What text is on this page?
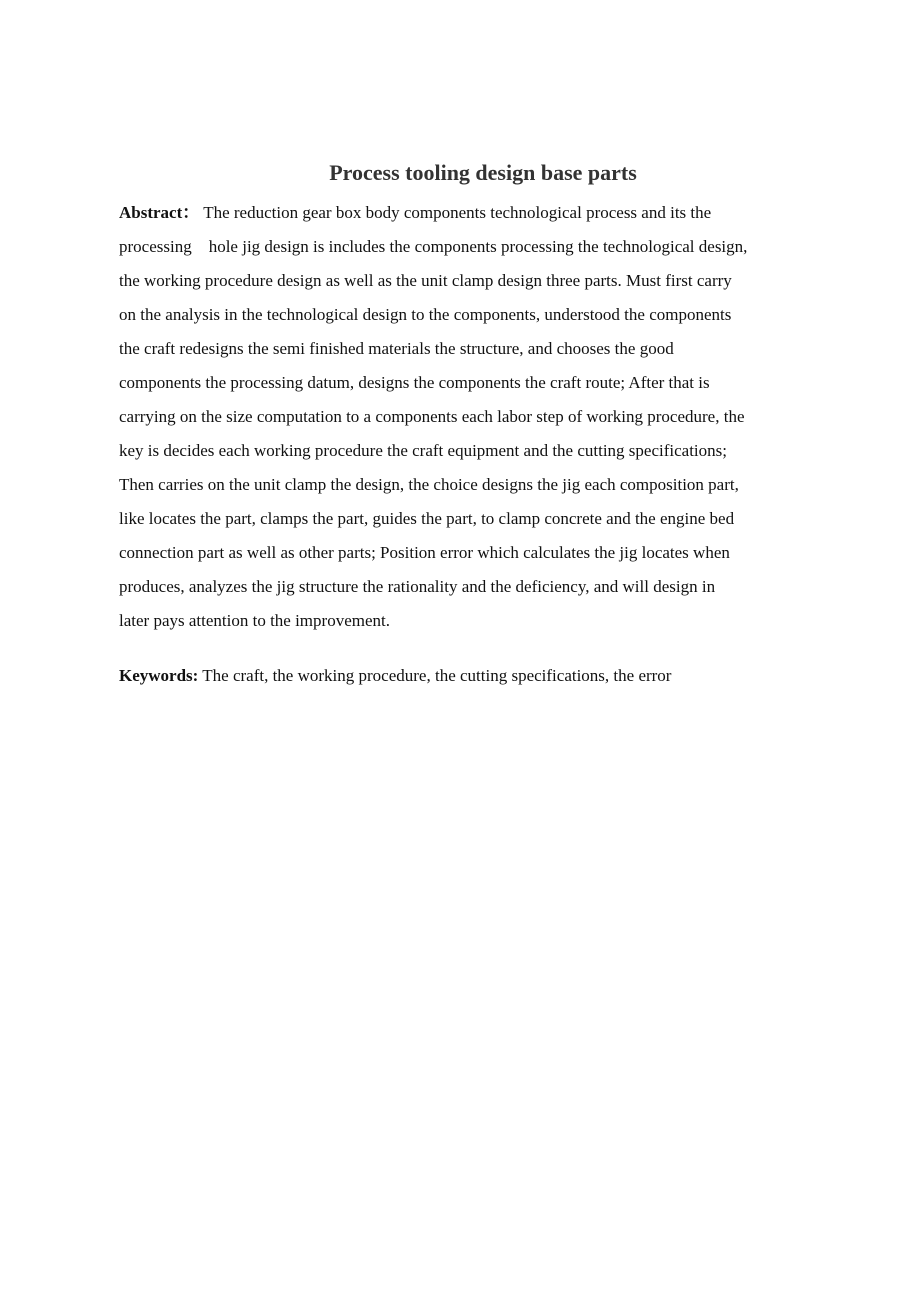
Process tooling design base parts
Abstract： The reduction gear box body components technological process and its the
processing    hole jig design is includes the components processing the technological design,
the working procedure design as well as the unit clamp design three parts. Must first carry
on the analysis in the technological design to the components, understood the components
the craft redesigns the semi finished materials the structure, and chooses the good
components the processing datum, designs the components the craft route; After that is
carrying on the size computation to a components each labor step of working procedure, the
key is decides each working procedure the craft equipment and the cutting specifications;
Then carries on the unit clamp the design, the choice designs the jig each composition part,
like locates the part, clamps the part, guides the part, to clamp concrete and the engine bed
connection part as well as other parts; Position error which calculates the jig locates when
produces, analyzes the jig structure the rationality and the deficiency, and will design in
later pays attention to the improvement.
Keywords: The craft, the working procedure, the cutting specifications, the error
